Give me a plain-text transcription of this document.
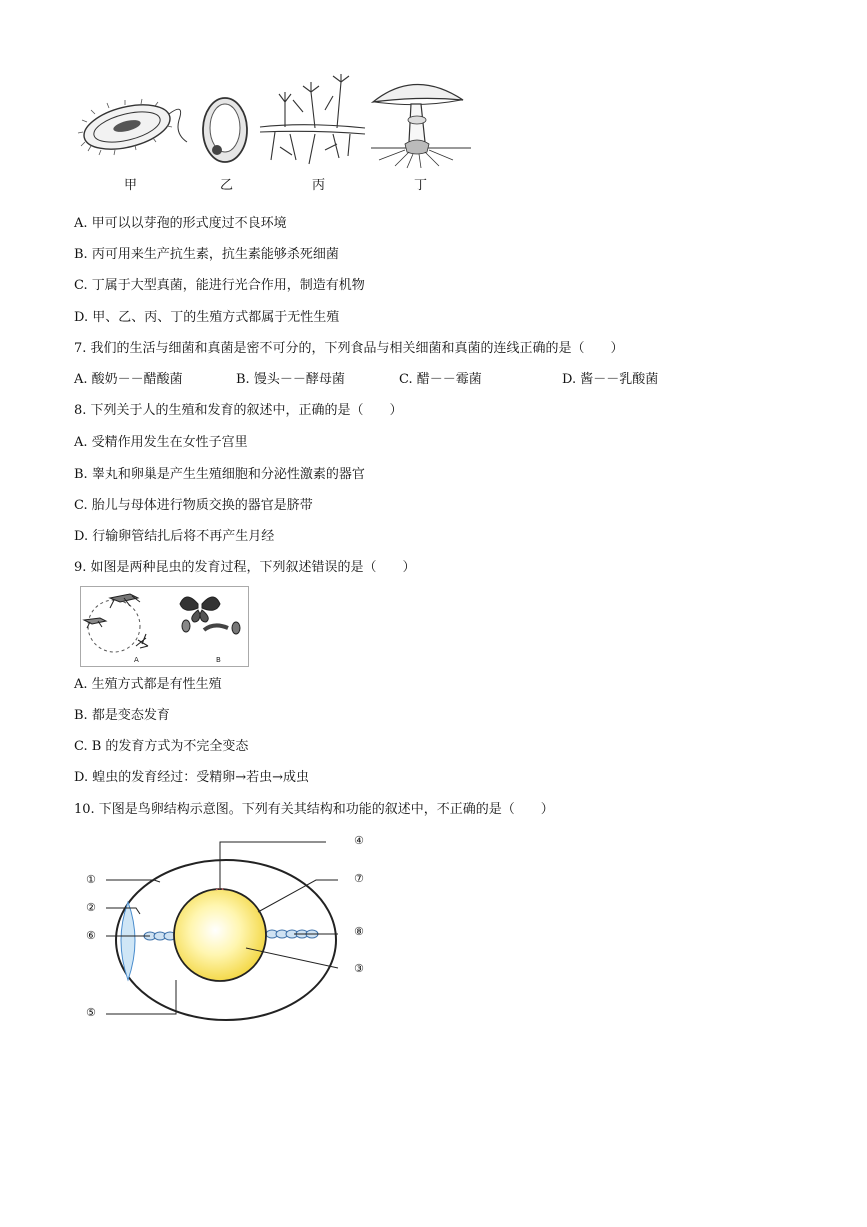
甲	乙	丙	丁
A. 甲可以以芽孢的形式度过不良环境
B. 丙可用来生产抗生素，抗生素能够杀死细菌
C. 丁属于大型真菌，能进行光合作用，制造有机物
D. 甲、乙、丙、丁的生殖方式都属于无性生殖
7. 我们的生活与细菌和真菌是密不可分的，下列食品与相关细菌和真菌的连线正确的是（　　）
A. 酸奶－－醋酸菌	B. 馒头－－酵母菌	C. 醋－－霉菌	D. 酱－－乳酸菌
8. 下列关于人的生殖和发育的叙述中，正确的是（　　）
A. 受精作用发生在女性子宫里
B. 睾丸和卵巢是产生生殖细胞和分泌性激素的器官
C. 胎儿与母体进行物质交换的器官是脐带
D. 行输卵管结扎后将不再产生月经
9. 如图是两种昆虫的发育过程，下列叙述错误的是（　　）
A	B
A. 生殖方式都是有性生殖
B. 都是变态发育
C. B 的发育方式为不完全变态
D. 蝗虫的发育经过：受精卵→若虫→成虫
10. 下图是鸟卵结构示意图。下列有关其结构和功能的叙述中，不正确的是（　　）
①
②
⑥
⑤
④
⑦
⑧
③
